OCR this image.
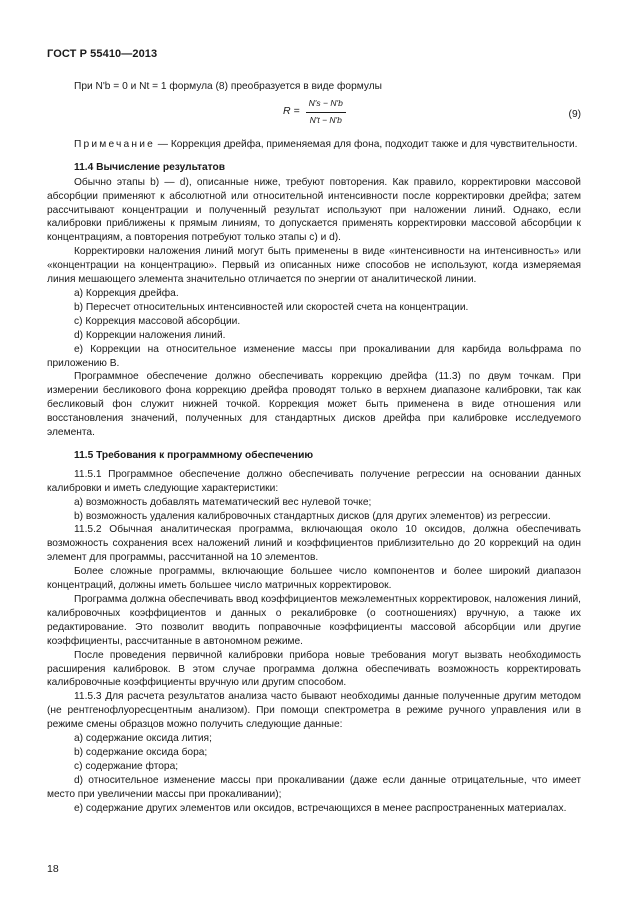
ГОСТ Р 55410—2013

При N'b = 0 и Nt = 1 формула (8) преобразуется в виде формулы

$R = \frac{N's - N'b}{N't - N'b}$	(9)

Примечание — Коррекция дрейфа, применяемая для фона, подходит также и для чувствительности.

11.4 Вычисление результатов

Обычно этапы b) — d), описанные ниже, требуют повторения. Как правило, корректировки массовой абсорбции применяют к абсолютной или относительной интенсивности после корректировки дрейфа; затем рассчитывают концентрации и полученный результат используют при наложении линий. Однако, если калибровки приближены к прямым линиям, то допускается применять корректировки массовой абсорбции к концентрациям, а повторения потребуют только этапы с) и d).

Корректировки наложения линий могут быть применены в виде «интенсивности на интенсивность» или «концентрации на концентрацию». Первый из описанных ниже способов не используют, когда измеряемая линия мешающего элемента значительно отличается по энергии от аналитической линии.

a) Коррекция дрейфа.

b) Пересчет относительных интенсивностей или скоростей счета на концентрации.

c) Коррекция массовой абсорбции.

d) Коррекции наложения линий.

e) Коррекции на относительное изменение массы при прокаливании для карбида вольфрама по приложению В.

Программное обеспечение должно обеспечивать коррекцию дрейфа (11.3) по двум точкам. При измерении бесликового фона коррекцию дрейфа проводят только в верхнем диапазоне калибровки, так как бесликовый фон служит нижней точкой. Коррекция может быть применена в виде отношения или восстановления значений, полученных для стандартных дисков дрейфа при калибровке исследуемого элемента.

11.5 Требования к программному обеспечению

11.5.1 Программное обеспечение должно обеспечивать получение регрессии на основании данных калибровки и иметь следующие характеристики:

а) возможность добавлять математический вес нулевой точке;

b) возможность удаления калибровочных стандартных дисков (для других элементов) из регрессии.

11.5.2 Обычная аналитическая программа, включающая около 10 оксидов, должна обеспечивать возможность сохранения всех наложений линий и коэффициентов приблизительно до 20 коррекций на один элемент для программы, рассчитанной на 10 элементов.

Более сложные программы, включающие большее число компонентов и более широкий диапазон концентраций, должны иметь большее число матричных корректировок.

Программа должна обеспечивать ввод коэффициентов межэлементных корректировок, наложения линий, калибровочных коэффициентов и данных о рекалибровке (о соотношениях) вручную, а также их редактирование. Это позволит вводить поправочные коэффициенты массовой абсорбции или другие коэффициенты, рассчитанные в автономном режиме.

После проведения первичной калибровки прибора новые требования могут вызвать необходимость расширения калибровок. В этом случае программа должна обеспечивать возможность корректировать калибровочные коэффициенты вручную или другим способом.

11.5.3 Для расчета результатов анализа часто бывают необходимы данные полученные другим методом (не рентгенофлуоресцентным анализом). При помощи спектрометра в режиме ручного управления или в режиме смены образцов можно получить следующие данные:

а) содержание оксида лития;

b) содержание оксида бора;

c) содержание фтора;

d) относительное изменение массы при прокаливании (даже если данные отрицательные, что имеет место при увеличении массы при прокаливании);

е) содержание других элементов или оксидов, встречающихся в менее распространенных материалах.

18
